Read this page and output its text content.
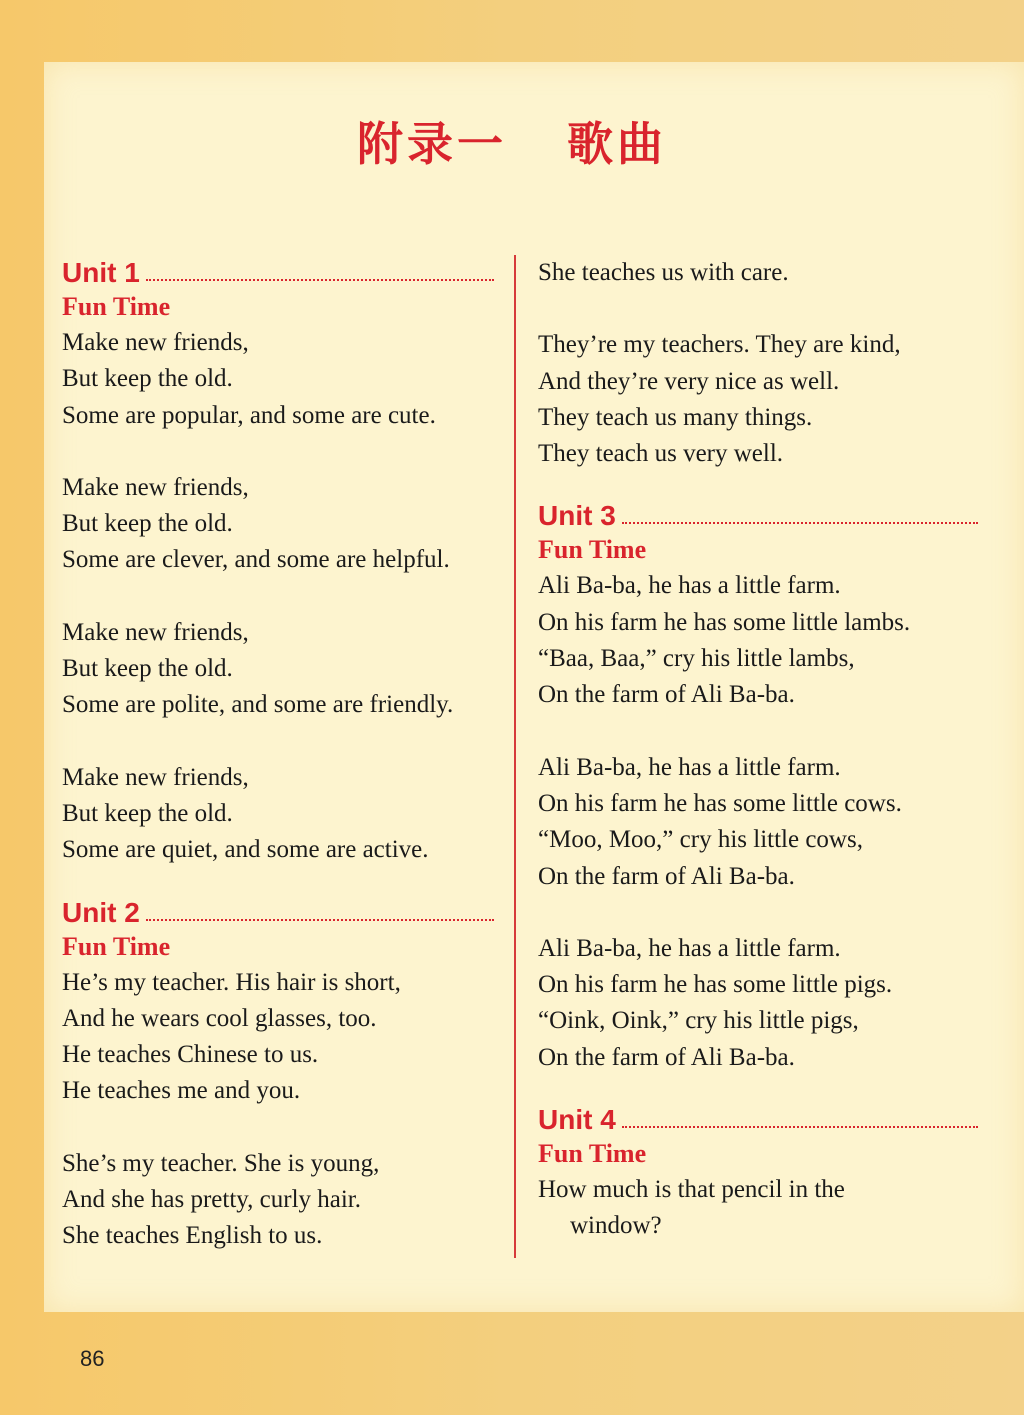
附录一 歌曲
Unit 1

Fun Time

Make new friends,

But keep the old.

Some are popular, and some are cute.

Make new friends,

But keep the old.

Some are clever, and some are helpful.

Make new friends,

But keep the old.

Some are polite, and some are friendly.

Make new friends,

But keep the old.

Some are quiet, and some are active.

Unit 2

Fun Time

He’s my teacher. His hair is short,

And he wears cool glasses, too.

He teaches Chinese to us.

He teaches me and you.

She’s my teacher. She is young,

And she has pretty, curly hair.

She teaches English to us.

She teaches us with care.

They’re my teachers. They are kind,

And they’re very nice as well.

They teach us many things.

They teach us very well.

Unit 3

Fun Time

Ali Ba-ba, he has a little farm.

On his farm he has some little lambs.

“Baa, Baa,” cry his little lambs,

On the farm of Ali Ba-ba.

Ali Ba-ba, he has a little farm.

On his farm he has some little cows.

“Moo, Moo,” cry his little cows,

On the farm of Ali Ba-ba.

Ali Ba-ba, he has a little farm.

On his farm he has some little pigs.

“Oink, Oink,” cry his little pigs,

On the farm of Ali Ba-ba.

Unit 4

Fun Time

How much is that pencil in the

window?

86
